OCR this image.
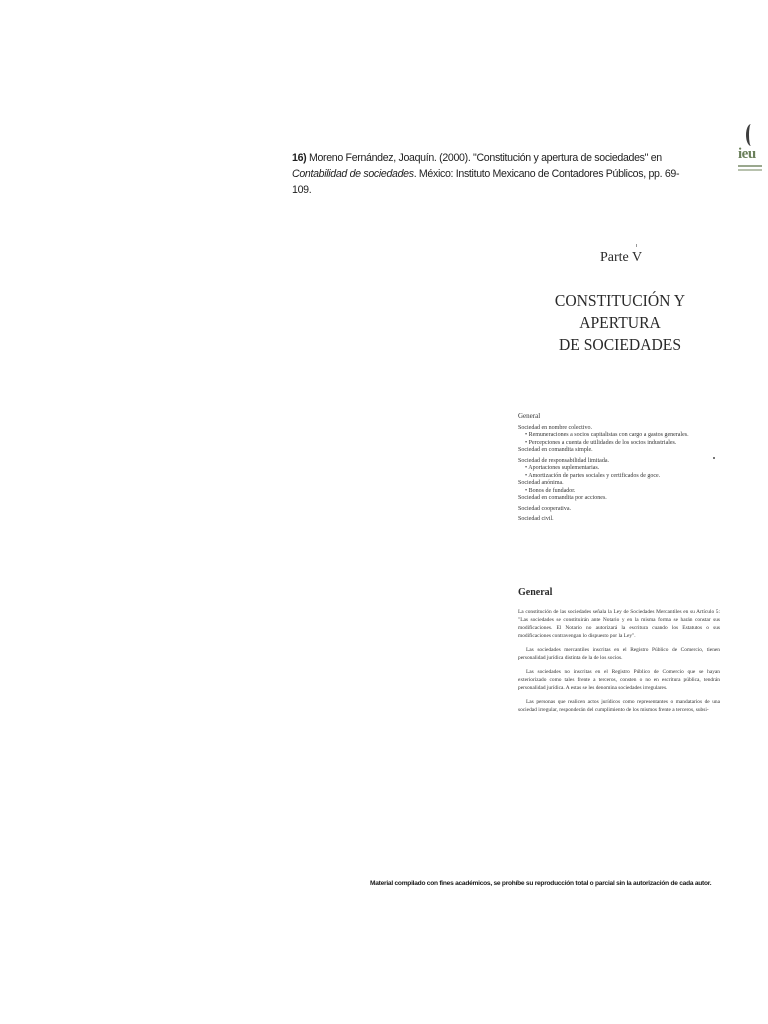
16) Moreno Fernández, Joaquín. (2000). "Constitución y apertura de sociedades" en Contabilidad de sociedades. México: Instituto Mexicano de Contadores Públicos, pp. 69-109.
ieu
Parte V
CONSTITUCIÓN Y APERTURA
DE SOCIEDADES
General
Sociedad en nombre colectivo.
• Remuneraciones a socios capitalistas con cargo a gastos generales.
• Percepciones a cuenta de utilidades de los socios industriales.
Sociedad en comandita simple.
Sociedad de responsabilidad limitada.
• Aportaciones suplementarias.
• Amortización de partes sociales y certificados de goce.
Sociedad anónima.
• Bonos de fundador.
Sociedad en comandita por acciones.
Sociedad cooperativa.
Sociedad civil.
General

La constitución de las sociedades señala la Ley de Sociedades Mercantiles en su Artículo 5: "Las sociedades se constituirán ante Notario y en la misma forma se harán constar sus modificaciones. El Notario no autorizará la escritura cuando los Estatutos o sus modificaciones contravengan lo dispuesto por la Ley".

Las sociedades mercantiles inscritas en el Registro Público de Comercio, tienen personalidad jurídica distinta de la de los socios.

Las sociedades no inscritas en el Registro Público de Comercio que se hayan exteriorizado como tales frente a terceros, consten o no en escritura pública, tendrán personalidad jurídica. A estas se les denomina sociedades irregulares.

Las personas que realicen actos jurídicos como representantes o mandatarios de una sociedad irregular, responderán del cumplimiento de los mismos frente a terceros, subsi-

Material compilado con fines académicos, se prohíbe su reproducción total o parcial sin la autorización de cada autor.
